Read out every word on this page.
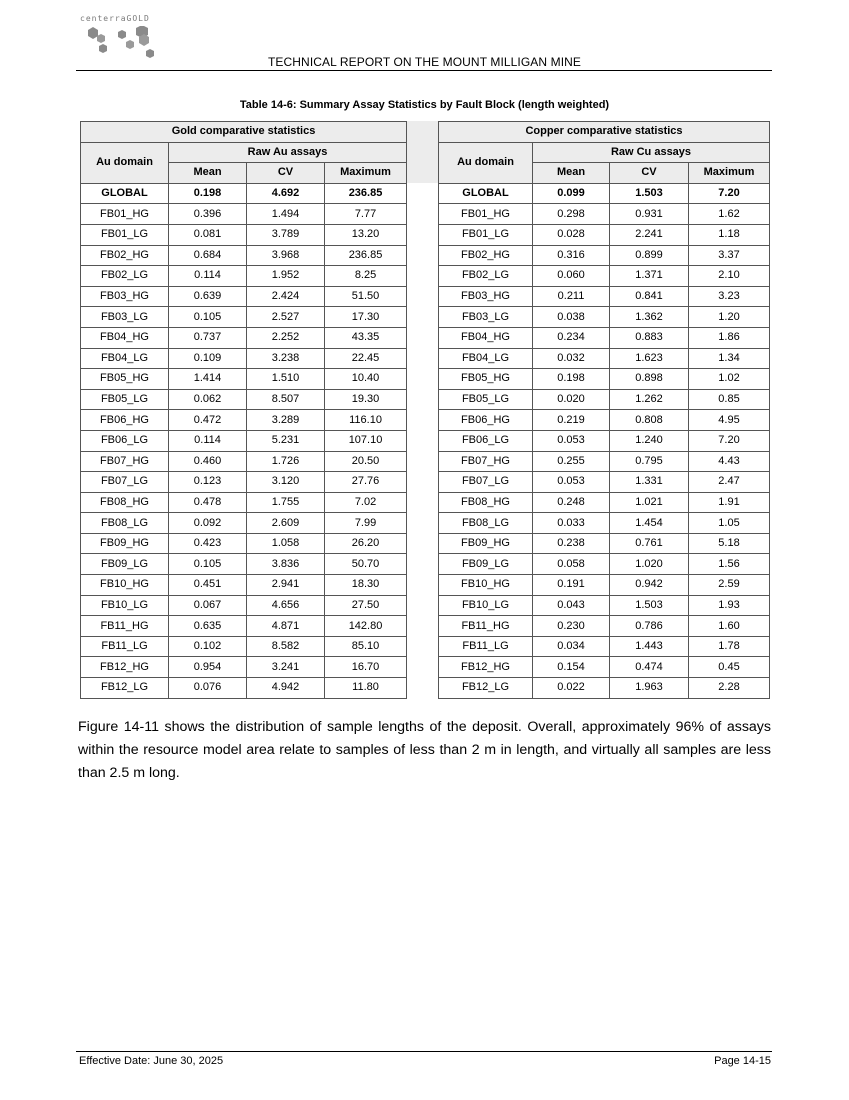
centerraGOLD
TECHNICAL REPORT ON THE MOUNT MILLIGAN MINE
Table 14-6: Summary Assay Statistics by Fault Block (length weighted)
Gold comparative statistics			
Au domain	Raw Au assays		
	Mean	CV	Maximum
GLOBAL	0.198	4.692	236.85
FB01_HG	0.396	1.494	7.77
FB01_LG	0.081	3.789	13.20
FB02_HG	0.684	3.968	236.85
FB02_LG	0.114	1.952	8.25
FB03_HG	0.639	2.424	51.50
FB03_LG	0.105	2.527	17.30
FB04_HG	0.737	2.252	43.35
FB04_LG	0.109	3.238	22.45
FB05_HG	1.414	1.510	10.40
FB05_LG	0.062	8.507	19.30
FB06_HG	0.472	3.289	116.10
FB06_LG	0.114	5.231	107.10
FB07_HG	0.460	1.726	20.50
FB07_LG	0.123	3.120	27.76
FB08_HG	0.478	1.755	7.02
FB08_LG	0.092	2.609	7.99
FB09_HG	0.423	1.058	26.20
FB09_LG	0.105	3.836	50.70
FB10_HG	0.451	2.941	18.30
FB10_LG	0.067	4.656	27.50
FB11_HG	0.635	4.871	142.80
FB11_LG	0.102	8.582	85.10
FB12_HG	0.954	3.241	16.70
FB12_LG	0.076	4.942	11.80
Copper comparative statistics			
Au domain	Raw Cu assays		
	Mean	CV	Maximum
GLOBAL	0.099	1.503	7.20
FB01_HG	0.298	0.931	1.62
FB01_LG	0.028	2.241	1.18
FB02_HG	0.316	0.899	3.37
FB02_LG	0.060	1.371	2.10
FB03_HG	0.211	0.841	3.23
FB03_LG	0.038	1.362	1.20
FB04_HG	0.234	0.883	1.86
FB04_LG	0.032	1.623	1.34
FB05_HG	0.198	0.898	1.02
FB05_LG	0.020	1.262	0.85
FB06_HG	0.219	0.808	4.95
FB06_LG	0.053	1.240	7.20
FB07_HG	0.255	0.795	4.43
FB07_LG	0.053	1.331	2.47
FB08_HG	0.248	1.021	1.91
FB08_LG	0.033	1.454	1.05
FB09_HG	0.238	0.761	5.18
FB09_LG	0.058	1.020	1.56
FB10_HG	0.191	0.942	2.59
FB10_LG	0.043	1.503	1.93
FB11_HG	0.230	0.786	1.60
FB11_LG	0.034	1.443	1.78
FB12_HG	0.154	0.474	0.45
FB12_LG	0.022	1.963	2.28

Figure 14-11 shows the distribution of sample lengths of the deposit. Overall, approximately 96% of assays within the resource model area relate to samples of less than 2 m in length, and virtually all samples are less than 2.5 m long.

Effective Date: June 30, 2025	Page 14-15
